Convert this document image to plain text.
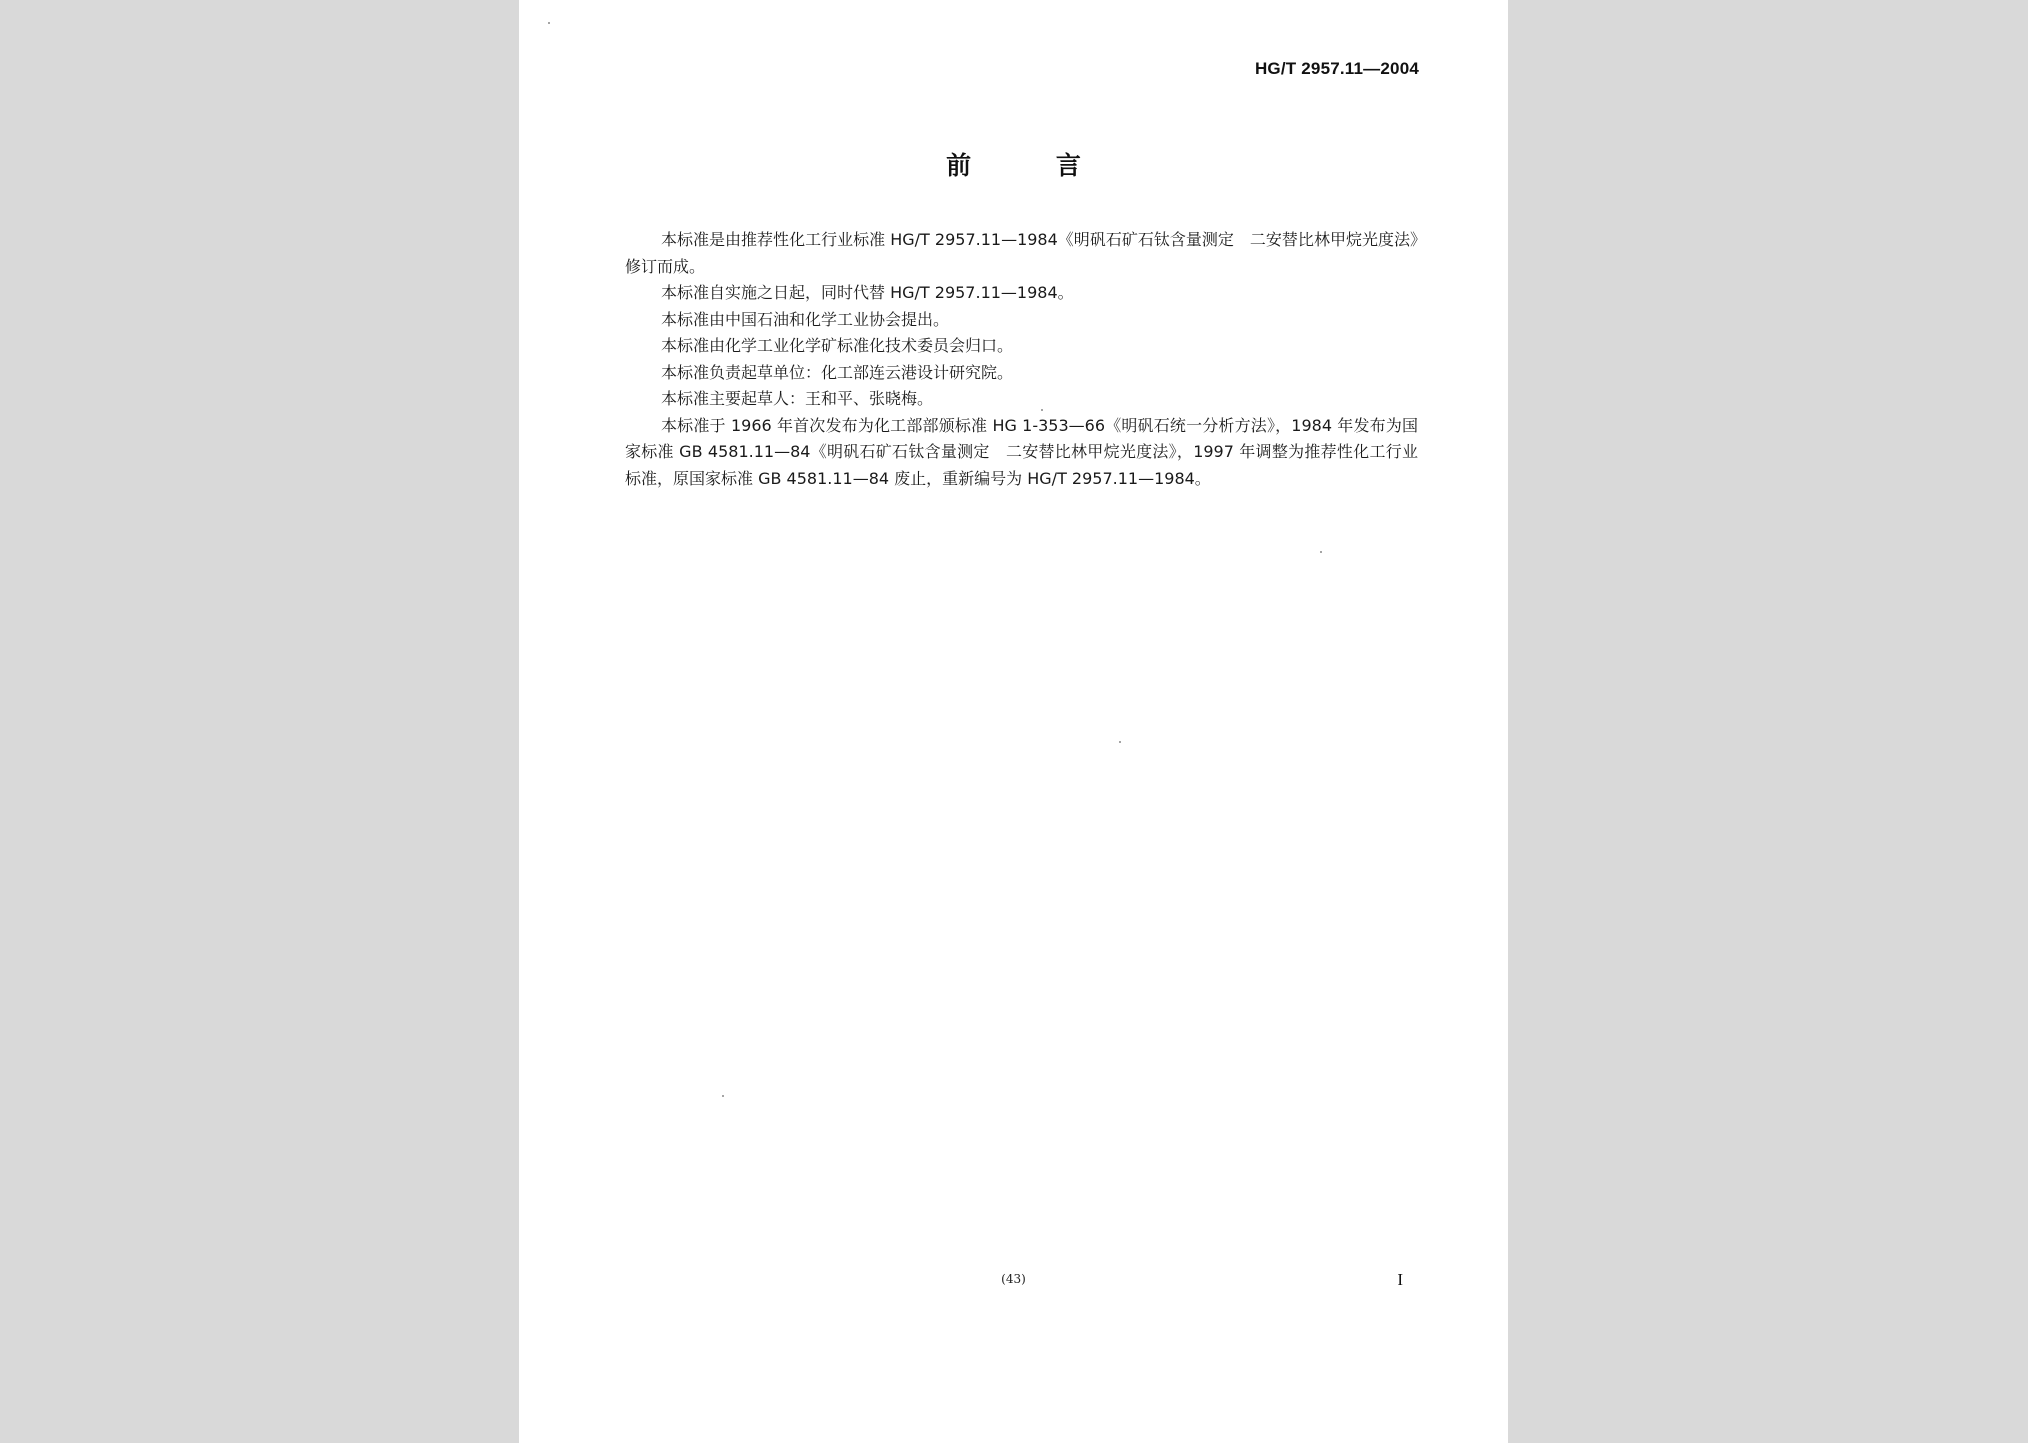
HG/T 2957.11—2004
前 言

本标准是由推荐性化工行业标准 HG/T 2957.11—1984《明矾石矿石钛含量测定　二安替比林甲烷光度法》修订而成。

本标准自实施之日起，同时代替 HG/T 2957.11—1984。

本标准由中国石油和化学工业协会提出。

本标准由化学工业化学矿标准化技术委员会归口。

本标准负责起草单位：化工部连云港设计研究院。

本标准主要起草人：王和平、张晓梅。

本标准于 1966 年首次发布为化工部部颁标准 HG 1-353—66《明矾石统一分析方法》，1984 年发布为国家标准 GB 4581.11—84《明矾石矿石钛含量测定　二安替比林甲烷光度法》，1997 年调整为推荐性化工行业标准，原国家标准 GB 4581.11—84 废止，重新编号为 HG/T 2957.11—1984。

(43)	I
